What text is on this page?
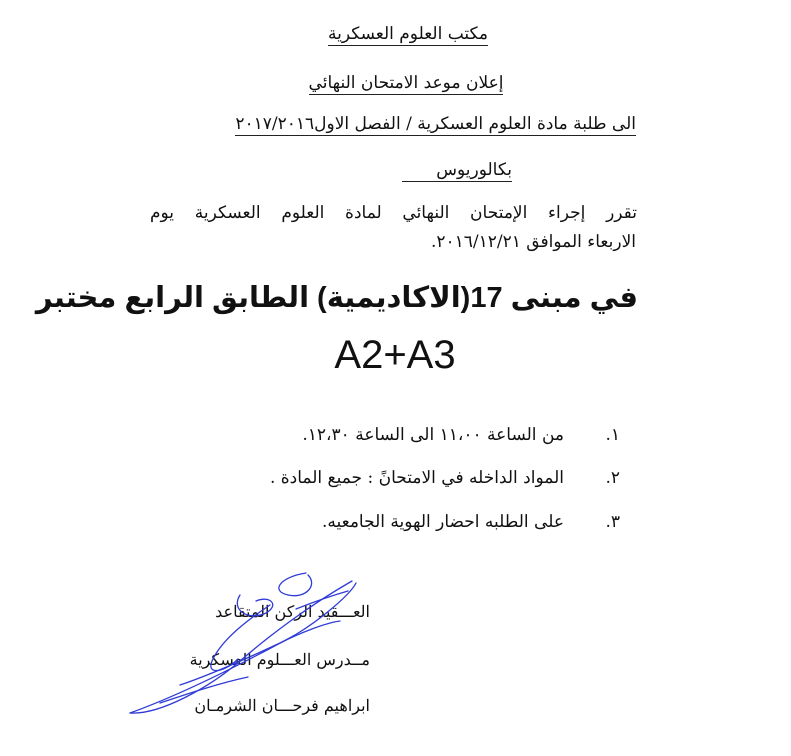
مكتب العلوم العسكرية
إعلان موعد الامتحان النهائي
الى طلبة مادة العلوم العسكرية / الفصل الاول٢٠١٧/٢٠١٦
بكالوريوس
تقرر إجراء الإمتحان النهائي لمادة العلوم العسكرية يوم
الاربعاء الموافق ٢٠١٦/١٢/٢١.
في مبنى 17(الاكاديمية) الطابق الرابع مختبر
A2+A3
١.
من الساعة ١١،٠٠ الى الساعة ١٢،٣٠.
٢.
المواد الداخله في الامتحانً : جميع المادة .
٣.
على الطلبه احضار الهوية الجامعيه.
العـــقيد الركن المتقاعد
مــدرس العـــلوم العسكرية
ابراهيم فرحـــان الشرمـان
